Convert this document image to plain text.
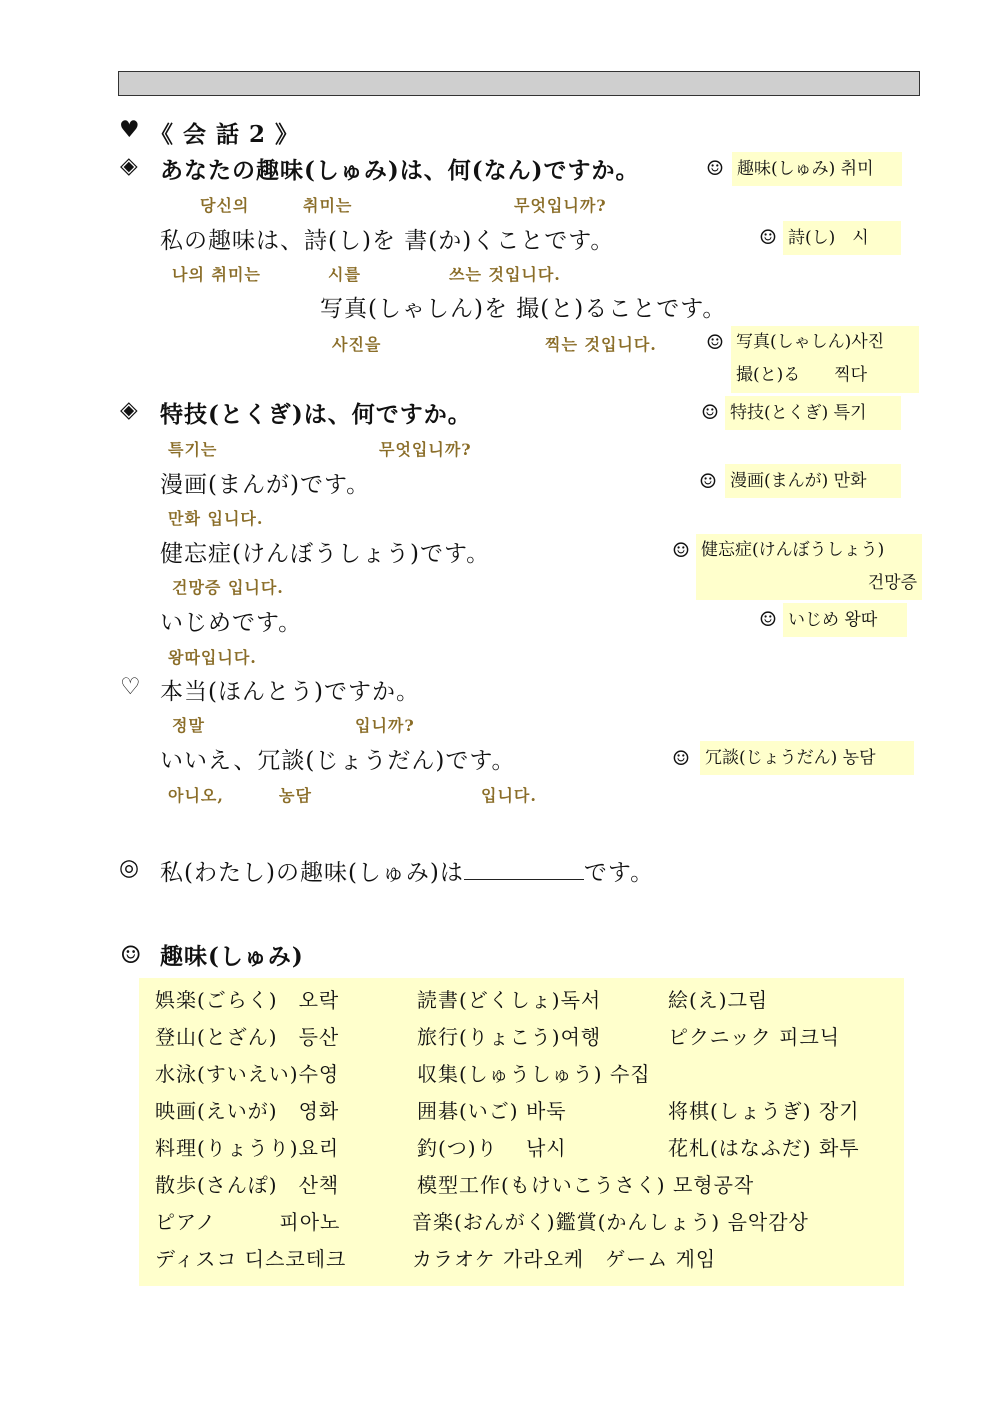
♥ 《 会 話 2 》
◈ あなたの趣味(しゅみ)は、何(なん)ですか。	☺ 趣味(しゅみ) 취미
당신의	취미는	무엇입니까?
私の趣味は、詩(し)を 書(か)くことです。	☺ 詩(し)　시
나의 취미는	시를	쓰는 것입니다.
写真(しゃしん)を 撮(と)ることです。
사진을	찍는 것입니다. ☺ 写真(しゃしん)사진
撮(と)る　　찍다
◈ 特技(とくぎ)は、何ですか。	☺ 特技(とくぎ) 특기
특기는	무엇입니까?
漫画(まんが)です。	☺ 漫画(まんが) 만화
만화 입니다.
健忘症(けんぼうしょう)です。	☺ 健忘症(けんぼうしょう)
건망증
건망증 입니다.
いじめです。	☺ いじめ 왕따
왕따입니다.
♡ 本当(ほんとう)ですか。
정말	입니까?
いいえ、冗談(じょうだん)です。	☺ 冗談(じょうだん) 농담
아니오,	농담	입니다.
◎ 私(わたし)の趣味(しゅみ)は	です。
☺ 趣味(しゅみ)
娯楽(ごらく)　오락	読書(どくしょ)독서	絵(え)그림
登山(とざん)　등산	旅行(りょこう)여행	ピクニック 피크닉
水泳(すいえい)수영	収集(しゅうしゅう) 수집
映画(えいが)　영화	囲碁(いご) 바둑	将棋(しょうぎ) 장기
料理(りょうり)요리	釣(つ)り　 낚시	花札(はなふだ) 화투
散歩(さんぽ)　산책	模型工作(もけいこうさく) 모형공작
ピアノ　　　피아노	音楽(おんがく)鑑賞(かんしょう) 음악감상
ディスコ 디스코테크	カラオケ 가라오케　ゲーム 게임
